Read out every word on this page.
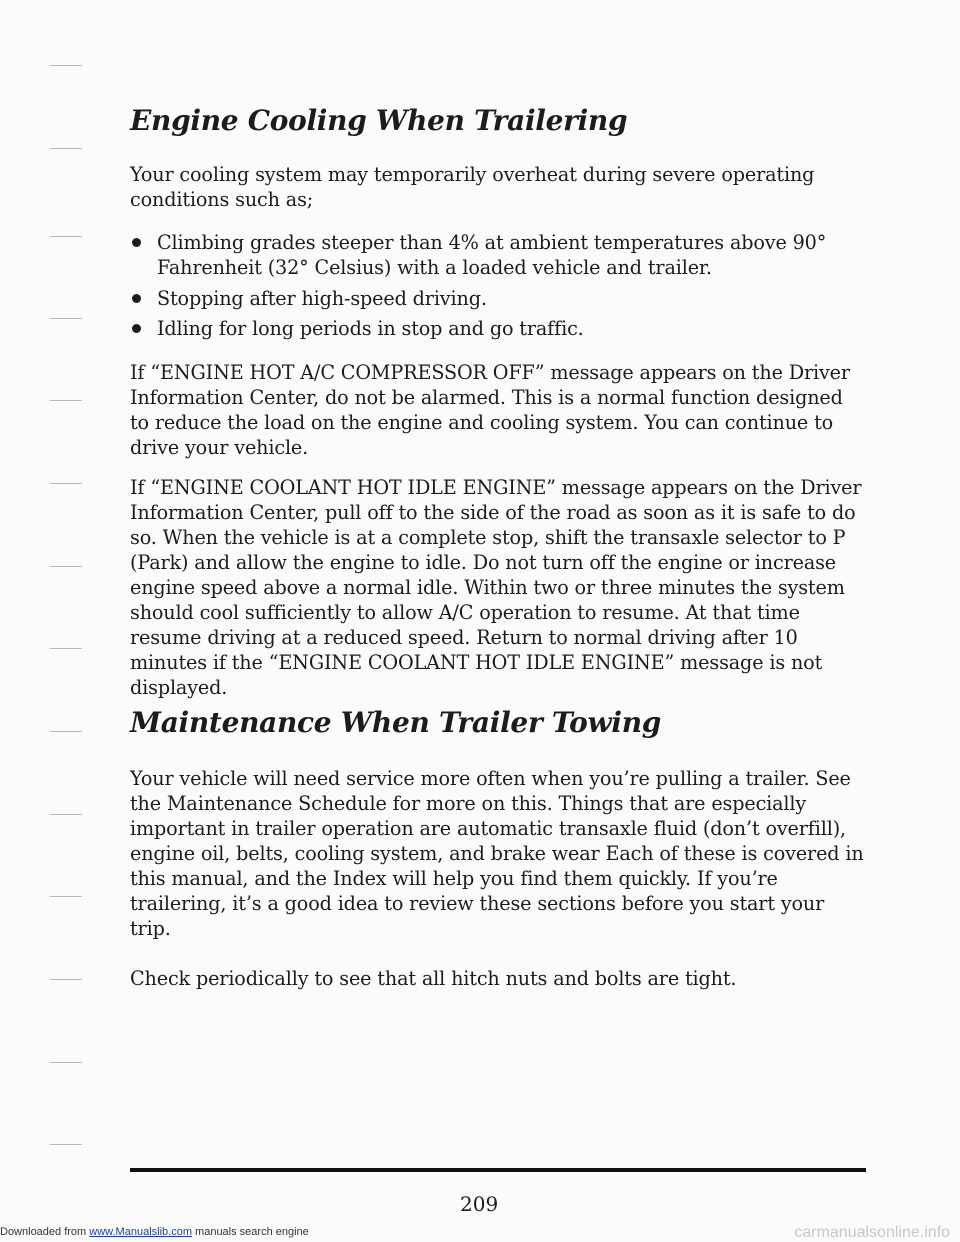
Engine Cooling When Trailering

Your cooling system may temporarily overheat during severe operating conditions such as;

Climbing grades steeper than 4% at ambient temperatures above 90° Fahrenheit (32° Celsius) with a loaded vehicle and trailer.
Stopping after high-speed driving.
Idling for long periods in stop and go traffic.

If “ENGINE HOT A/C COMPRESSOR OFF” message appears on the Driver Information Center, do not be alarmed. This is a normal function designed to reduce the load on the engine and cooling system. You can continue to drive your vehicle.

If “ENGINE COOLANT HOT IDLE ENGINE” message appears on the Driver Information Center, pull off to the side of the road as soon as it is safe to do so. When the vehicle is at a complete stop, shift the transaxle selector to P (Park) and allow the engine to idle. Do not turn off the engine or increase engine speed above a normal idle. Within two or three minutes the system should cool sufficiently to allow A/C operation to resume. At that time resume driving at a reduced speed. Return to normal driving after 10 minutes if the “ENGINE COOLANT HOT IDLE ENGINE” message is not displayed.

Maintenance When Trailer Towing

Your vehicle will need service more often when you’re pulling a trailer. See the Maintenance Schedule for more on this. Things that are especially important in trailer operation are automatic transaxle fluid (don’t overfill), engine oil, belts, cooling system, and brake wear Each of these is covered in this manual, and the Index will help you find them quickly. If you’re trailering, it’s a good idea to review these sections before you start your trip.

Check periodically to see that all hitch nuts and bolts are tight.

209
Downloaded from www.Manualslib.com manuals search engine	carmanualsonline.info
